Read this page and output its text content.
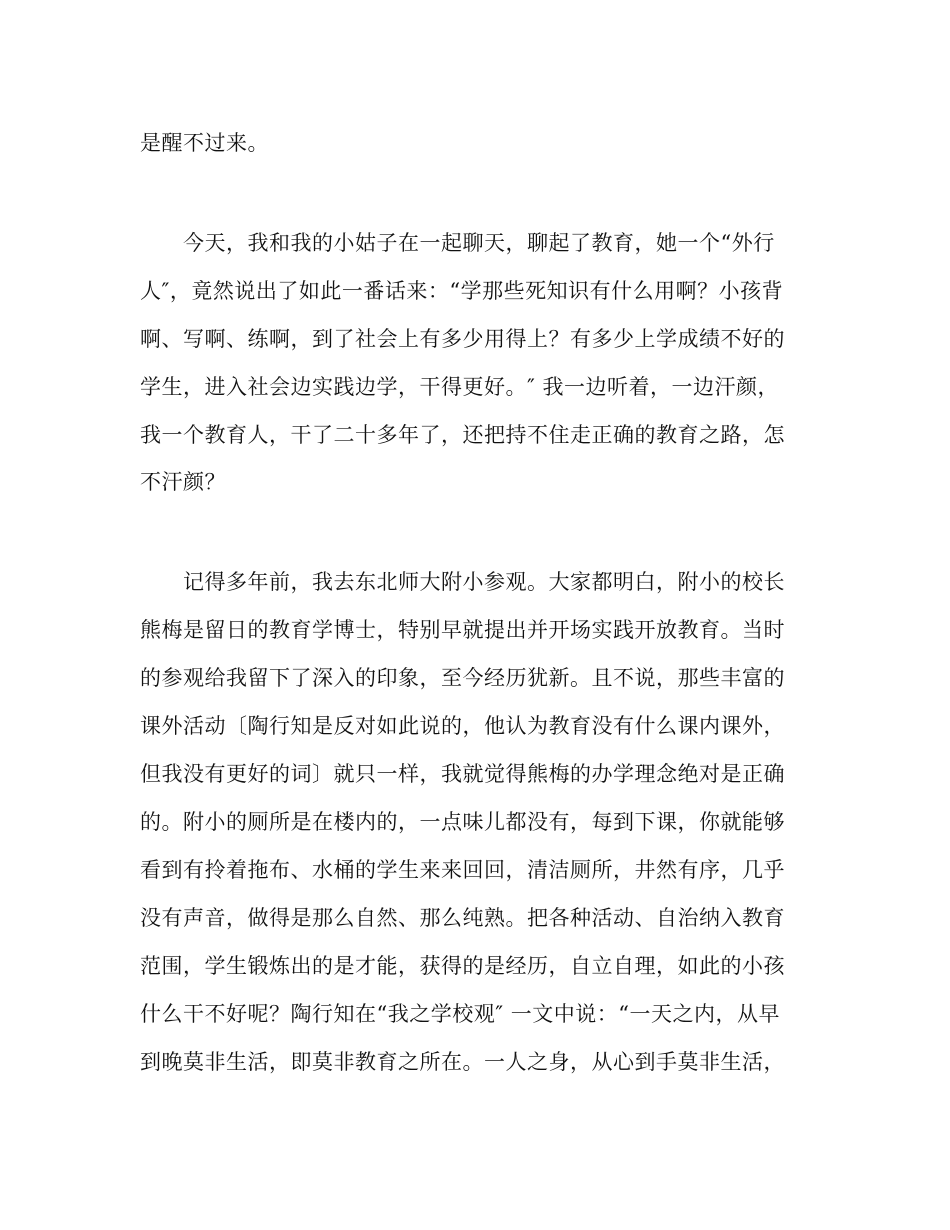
是醒不过来。

今天，我和我的小姑子在一起聊天，聊起了教育，她一个“外行

人″，竟然说出了如此一番话来：“学那些死知识有什么用啊？小孩背

啊、写啊、练啊，到了社会上有多少用得上？有多少上学成绩不好的

学生，进入社会边实践边学，干得更好。″ 我一边听着，一边汗颜，

我一个教育人，干了二十多年了，还把持不住走正确的教育之路，怎

不汗颜？

记得多年前，我去东北师大附小参观。大家都明白，附小的校长

熊梅是留日的教育学博士，特别早就提出并开场实践开放教育。当时

的参观给我留下了深入的印象，至今经历犹新。且不说，那些丰富的

课外活动〔陶行知是反对如此说的，他认为教育没有什么课内课外，

但我没有更好的词〕就只一样，我就觉得熊梅的办学理念绝对是正确

的。附小的厕所是在楼内的，一点味儿都没有，每到下课，你就能够

看到有拎着拖布、水桶的学生来来回回，清洁厕所，井然有序，几乎

没有声音，做得是那么自然、那么纯熟。把各种活动、自治纳入教育

范围，学生锻炼出的是才能，获得的是经历，自立自理，如此的小孩

什么干不好呢？陶行知在“我之学校观″ 一文中说：“一天之内，从早

到晚莫非生活，即莫非教育之所在。一人之身，从心到手莫非生活，
